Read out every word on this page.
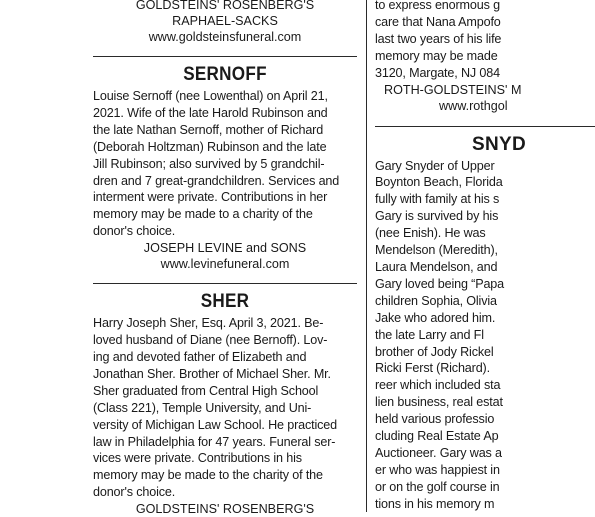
GOLDSTEINS' ROSENBERG'S
RAPHAEL-SACKS
www.goldsteinsfuneral.com
SERNOFF
Louise Sernoff (nee Lowenthal) on April 21,
2021. Wife of the late Harold Rubinson and
the late Nathan Sernoff, mother of Richard
(Deborah Holtzman) Rubinson and the late
Jill Rubinson; also survived by 5 grandchil-
dren and 7 great-grandchildren. Services and
interment were private. Contributions in her
memory may be made to a charity of the
donor's choice.
JOSEPH LEVINE and SONS
www.levinefuneral.com
SHER
Harry Joseph Sher, Esq. April 3, 2021. Be-
loved husband of Diane (nee Bernoff). Lov-
ing and devoted father of Elizabeth and
Jonathan Sher. Brother of Michael Sher. Mr.
Sher graduated from Central High School
(Class 221), Temple University, and Uni-
versity of Michigan Law School. He practiced
law in Philadelphia for 47 years. Funeral ser-
vices were private. Contributions in his
memory may be made to the charity of the
donor's choice.
GOLDSTEINS' ROSENBERG'S
to express enormous g
care that Nana Ampofo
last two years of his life
memory may be made
3120, Margate, NJ 084
ROTH-GOLDSTEINS' M
www.rothgol
SNYD
Gary Snyder of Upper
Boynton Beach, Florida
fully with family at his s
Gary is survived by his
(nee Enish). He was
Mendelson (Meredith),
Laura Mendelson, and
Gary loved being “Papa
children Sophia, Olivia
Jake who adored him.
the late Larry and Fl
brother of Jody Rickel
Ricki Ferst (Richard).
reer which included sta
lien business, real estat
held various professio
cluding Real Estate Ap
Auctioneer. Gary was a
er who was happiest in
or on the golf course in
tions in his memory m
